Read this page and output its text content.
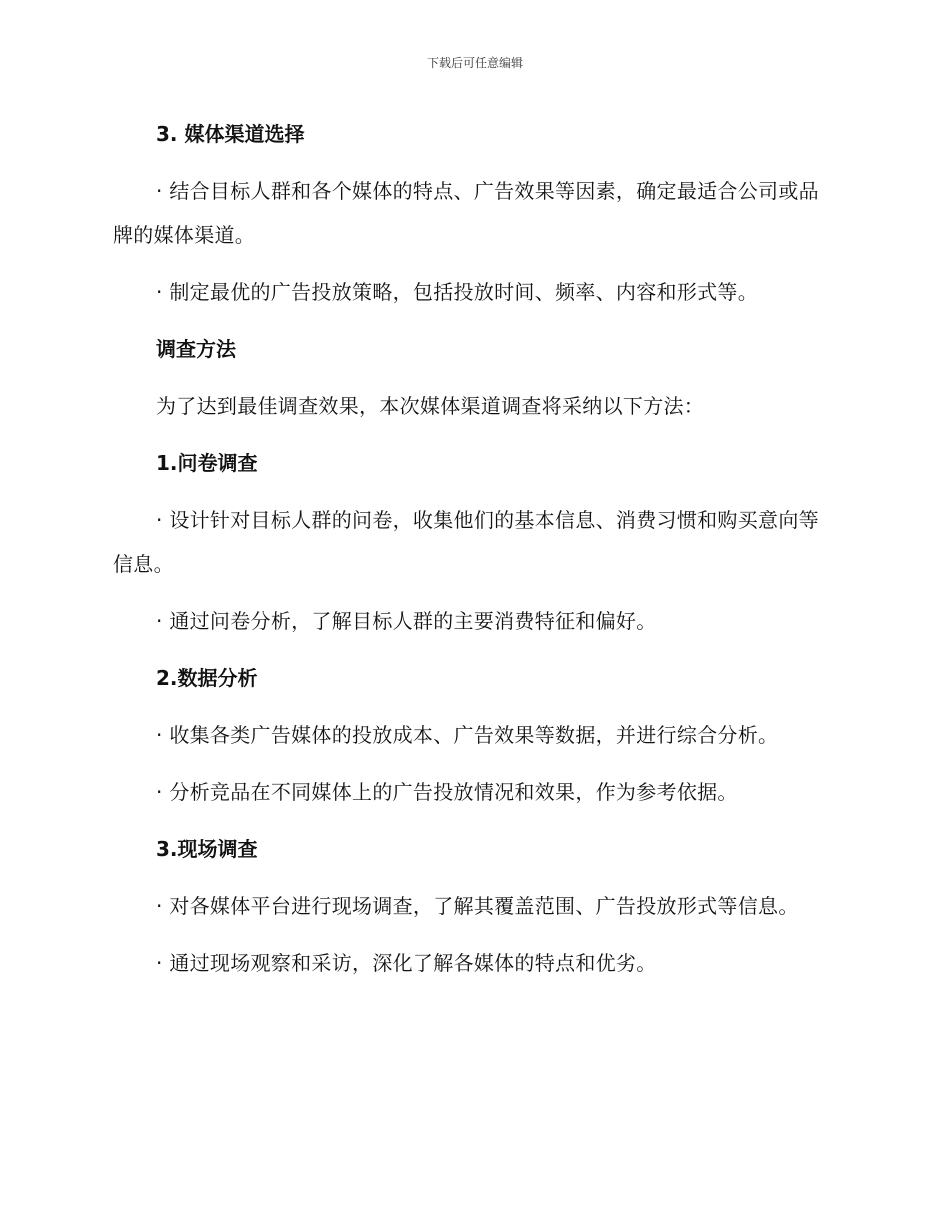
下载后可任意编辑

3. 媒体渠道选择

· 结合目标人群和各个媒体的特点、广告效果等因素，确定最适合公司或品牌的媒体渠道。

· 制定最优的广告投放策略，包括投放时间、频率、内容和形式等。

调查方法

为了达到最佳调查效果，本次媒体渠道调查将采纳以下方法：

1.问卷调查

· 设计针对目标人群的问卷，收集他们的基本信息、消费习惯和购买意向等信息。

· 通过问卷分析，了解目标人群的主要消费特征和偏好。

2.数据分析

· 收集各类广告媒体的投放成本、广告效果等数据，并进行综合分析。

· 分析竞品在不同媒体上的广告投放情况和效果，作为参考依据。

3.现场调查

· 对各媒体平台进行现场调查，了解其覆盖范围、广告投放形式等信息。

· 通过现场观察和采访，深化了解各媒体的特点和优劣。
